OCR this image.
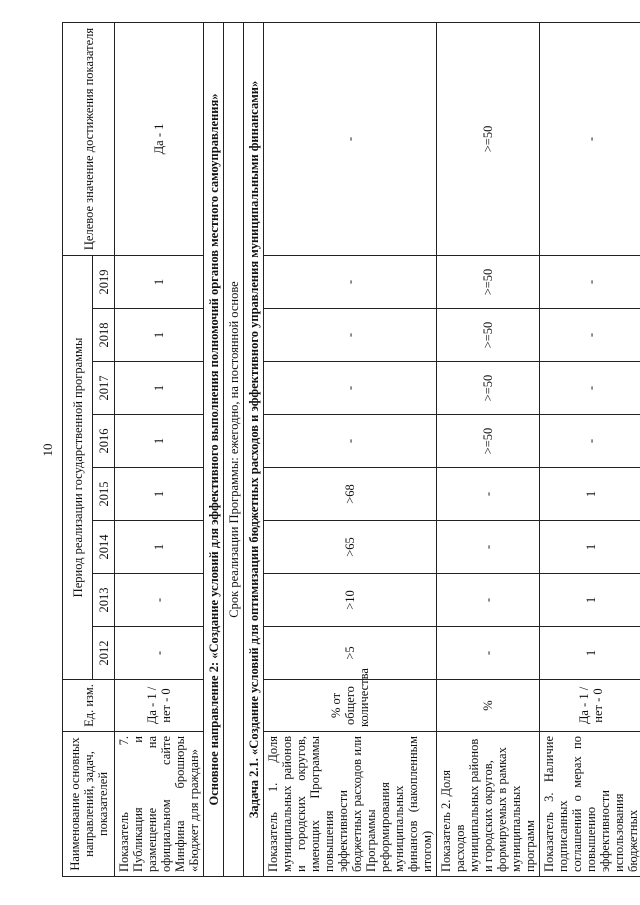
10
Наименование основных направлений, задач, показателей	Ед. изм.	Период реализации государственной программы								Целевое значение достижения показателя
		2012	2013	2014	2015	2016	2017	2018	2019	
Показатель 7. Публикация и размещение на официальном сайте Минфина брошюры «Бюджет для граждан»	Да - 1 /нет - 0	-	-	1	1	1	1	1	1	Да - 1
Основное направление 2: «Создание условий для эффективного выполнения полномочий органов местного самоуправления»										
Срок реализации Программы: ежегодно, на постоянной основе										
Задача 2.1. «Создание условий для оптимизации бюджетных расходов и эффективного управления муниципальными финансами»										
Показатель 1. Доля муниципальных районов и городских округов, имеющих Программы повышения эффективности бюджетных расходов или Программы реформирования муниципальных финансов (накопленным итогом)	% от общего количества	>5	>10	>65	>68	-	-	-	-	-
Показатель 2. Доля расходов муниципальных районов и городских округов, формируемых в рамках муниципальных программ	%	-	-	-	-	>=50	>=50	>=50	>=50	>=50
Показатель 3. Наличие подписанных соглашений о мерах по повышению эффективности использования бюджетных	Да - 1 /нет - 0	1	1	1	1	-	-	-	-	-
